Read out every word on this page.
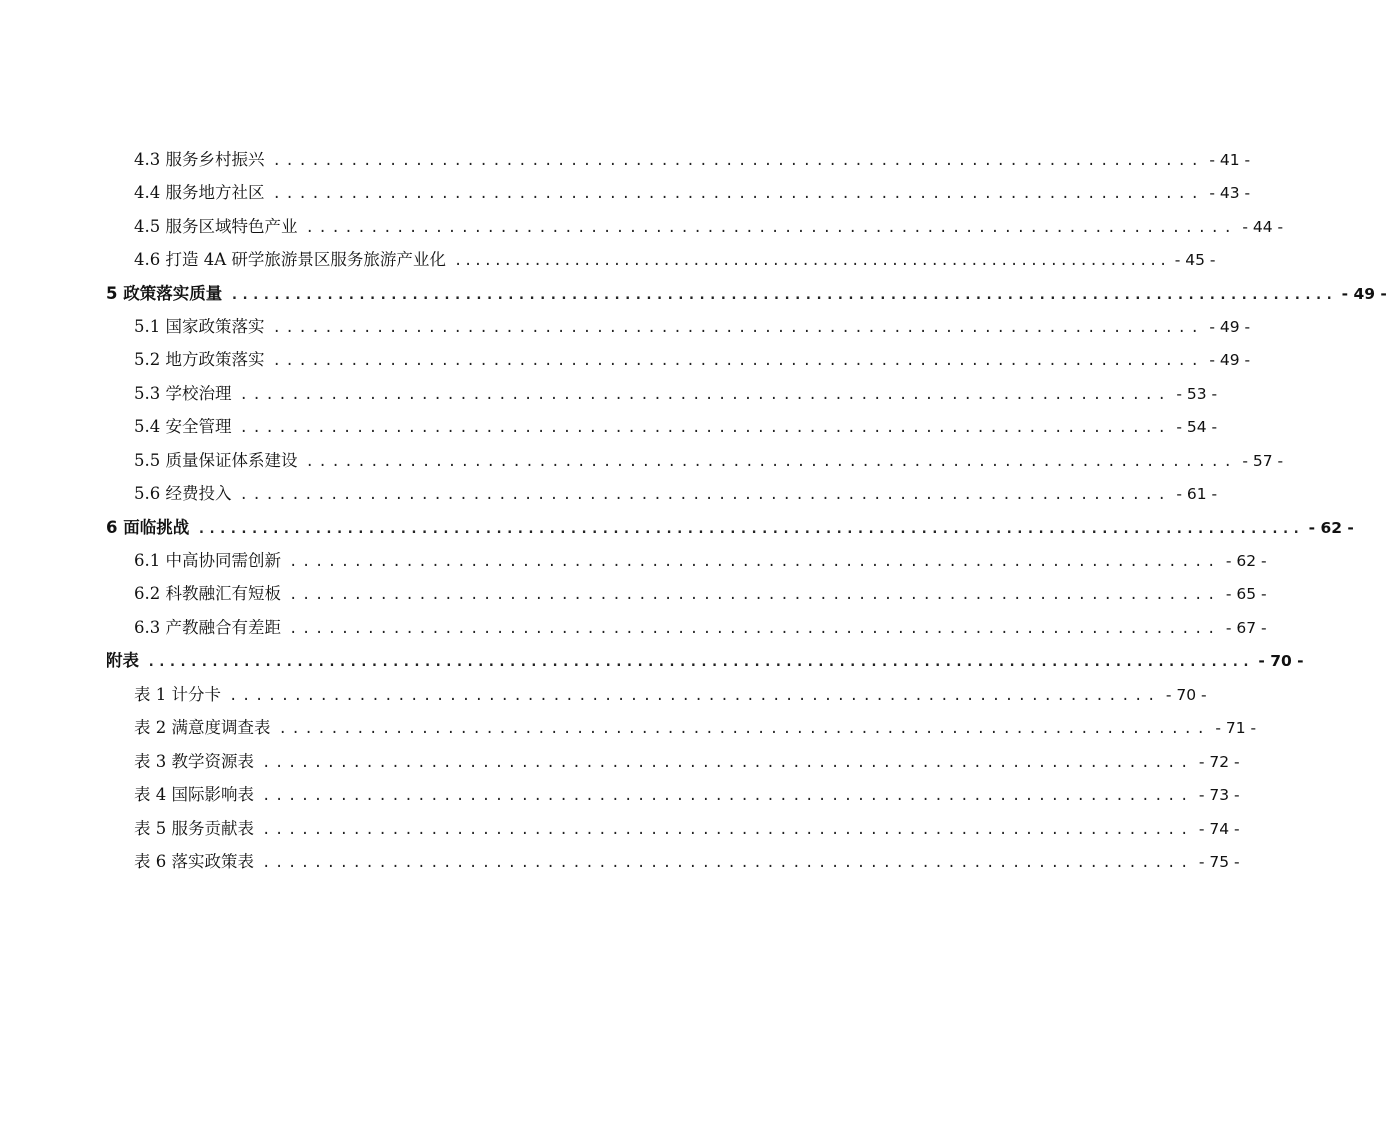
4.3 服务乡村振兴 ........................................................................ - 41 -
4.4 服务地方社区 ........................................................................ - 43 -
4.5 服务区域特色产业 ........................................................................ - 44 -
4.6 打造 4A 研学旅游景区服务旅游产业化 ........................................................................ - 45 -
5 政策落实质量 ........................................................................................................ - 49 -
5.1 国家政策落实 ........................................................................ - 49 -
5.2 地方政策落实 ........................................................................ - 49 -
5.3 学校治理 ........................................................................ - 53 -
5.4 安全管理 ........................................................................ - 54 -
5.5 质量保证体系建设 ........................................................................ - 57 -
5.6 经费投入 ........................................................................ - 61 -
6 面临挑战 ........................................................................................................ - 62 -
6.1 中高协同需创新 ........................................................................ - 62 -
6.2 科教融汇有短板 ........................................................................ - 65 -
6.3 产教融合有差距 ........................................................................ - 67 -
附表 ........................................................................................................ - 70 -
表 1 计分卡 ........................................................................ - 70 -
表 2 满意度调查表 ........................................................................ - 71 -
表 3 教学资源表 ........................................................................ - 72 -
表 4 国际影响表 ........................................................................ - 73 -
表 5 服务贡献表 ........................................................................ - 74 -
表 6 落实政策表 ........................................................................ - 75 -
